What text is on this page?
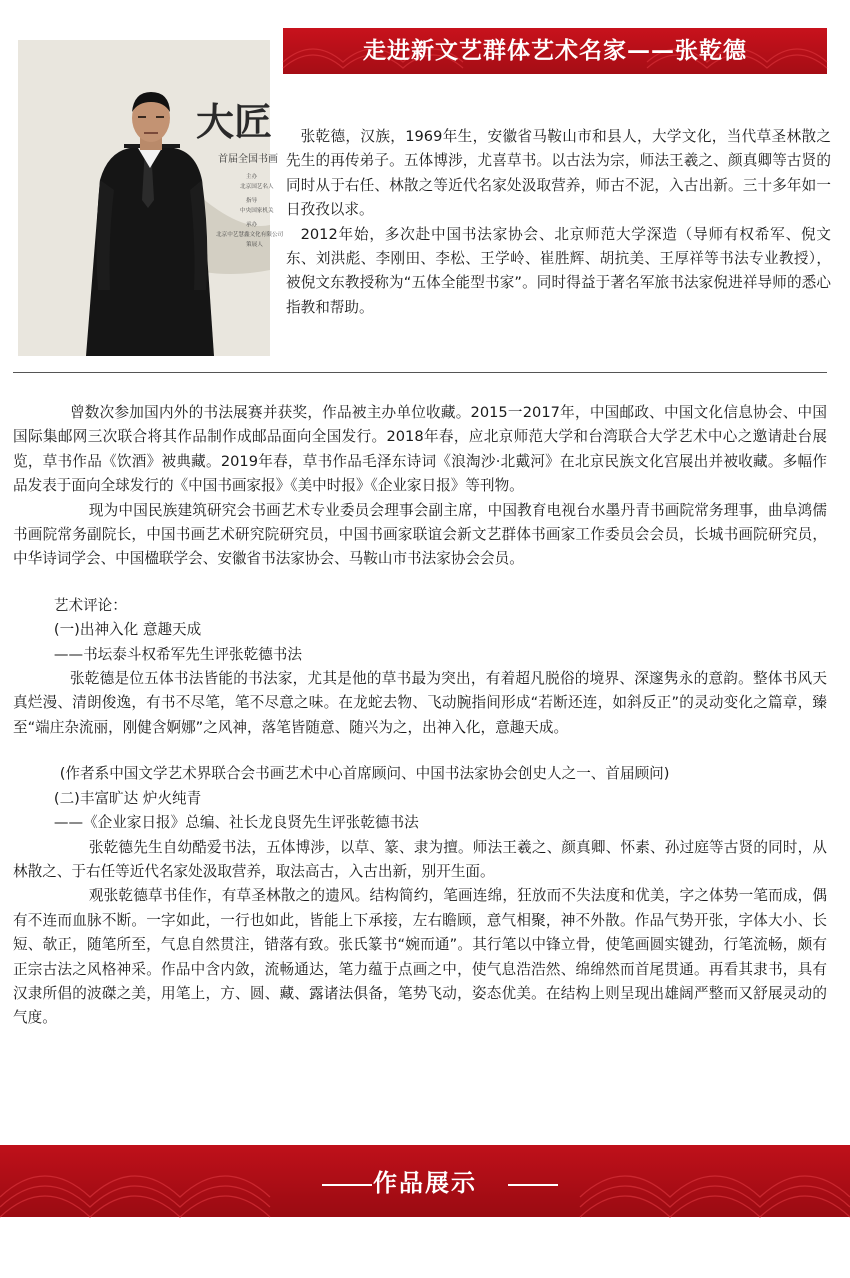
走进新文艺群体艺术名家——张乾德
大匠
首届全国书画
主办
北京国艺名人
指导
中央国家机关
承办
北京中艺慧鑫文化有限公司
策展人

张乾德，汉族，1969年生，安徽省马鞍山市和县人，大学文化，当代草圣林散之先生的再传弟子。五体博涉，尤喜草书。以古法为宗，师法王羲之、颜真卿等古贤的同时从于右任、林散之等近代名家处汲取营养，师古不泥，入古出新。三十多年如一日孜孜以求。

2012年始，多次赴中国书法家协会、北京师范大学深造（导师有权希军、倪文东、刘洪彪、李刚田、李松、王学岭、崔胜辉、胡抗美、王厚祥等书法专业教授），被倪文东教授称为“五体全能型书家”。同时得益于著名军旅书法家倪进祥导师的悉心指教和帮助。

曾数次参加国内外的书法展赛并获奖，作品被主办单位收藏。2015一2017年，中国邮政、中国文化信息协会、中国国际集邮网三次联合将其作品制作成邮品面向全国发行。2018年春，应北京师范大学和台湾联合大学艺术中心之邀请赴台展览，草书作品《饮酒》被典藏。2019年春，草书作品毛泽东诗词《浪淘沙·北戴河》在北京民族文化宫展出并被收藏。多幅作品发表于面向全球发行的《中国书画家报》《美中时报》《企业家日报》等刊物。

现为中国民族建筑研究会书画艺术专业委员会理事会副主席，中国教育电视台水墨丹青书画院常务理事，曲阜鸿儒书画院常务副院长，中国书画艺术研究院研究员，中国书画家联谊会新文艺群体书画家工作委员会会员，长城书画院研究员，中华诗词学会、中国楹联学会、安徽省书法家协会、马鞍山市书法家协会会员。

艺术评论：

(一)出神入化 意趣天成

——书坛泰斗权希军先生评张乾德书法

张乾德是位五体书法皆能的书法家，尤其是他的草书最为突出，有着超凡脱俗的境界、深邃隽永的意韵。整体书风天真烂漫、清朗俊逸，有书不尽笔，笔不尽意之味。在龙蛇去物、飞动腕指间形成“若断还连，如斜反正”的灵动变化之篇章，臻至“端庄杂流丽，刚健含婀娜”之风神，落笔皆随意、随兴为之，出神入化，意趣天成。

(作者系中国文学艺术界联合会书画艺术中心首席顾问、中国书法家协会创史人之一、首届顾问)

(二)丰富旷达 炉火纯青

——《企业家日报》总编、社长龙良贤先生评张乾德书法

张乾德先生自幼酷爱书法，五体博涉，以草、篆、隶为擅。师法王羲之、颜真卿、怀素、孙过庭等古贤的同时，从林散之、于右任等近代名家处汲取营养，取法高古，入古出新，别开生面。

观张乾德草书佳作，有草圣林散之的遗风。结构简约，笔画连绵，狂放而不失法度和优美，字之体势一笔而成，偶有不连而血脉不断。一字如此，一行也如此，皆能上下承接，左右瞻顾，意气相聚，神不外散。作品气势开张，字体大小、长短、欹正，随笔所至，气息自然贯注，错落有致。张氏篆书“婉而通”。其行笔以中锋立骨，使笔画圆实键劲，行笔流畅，颇有正宗古法之风格神采。作品中含内敛，流畅通达，笔力蕴于点画之中，使气息浩浩然、绵绵然而首尾贯通。再看其隶书，具有汉隶所倡的波磔之美，用笔上，方、圆、藏、露诸法俱备，笔势飞动，姿态优美。在结构上则呈现出雄阔严整而又舒展灵动的气度。

作品展示
